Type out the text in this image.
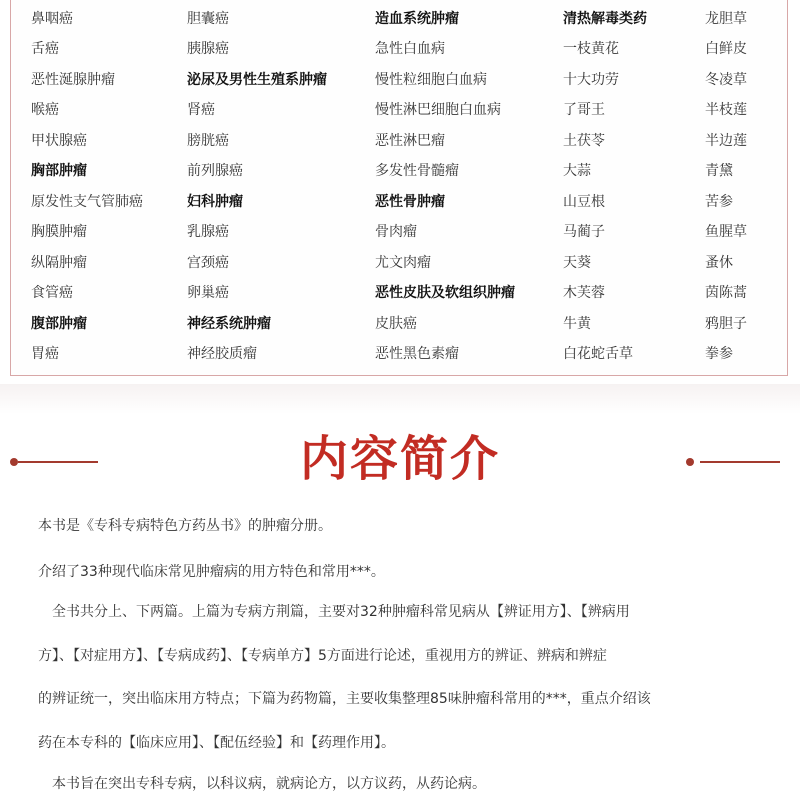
鼻咽癌
舌癌
恶性涎腺肿瘤
喉癌
甲状腺癌
胸部肿瘤
原发性支气管肺癌
胸膜肿瘤
纵隔肿瘤
食管癌
腹部肿瘤
胃癌
胆囊癌
胰腺癌
泌尿及男性生殖系肿瘤
肾癌
膀胱癌
前列腺癌
妇科肿瘤
乳腺癌
宫颈癌
卵巢癌
神经系统肿瘤
神经胶质瘤
造血系统肿瘤
急性白血病
慢性粒细胞白血病
慢性淋巴细胞白血病
恶性淋巴瘤
多发性骨髓瘤
恶性骨肿瘤
骨肉瘤
尤文肉瘤
恶性皮肤及软组织肿瘤
皮肤癌
恶性黑色素瘤
清热解毒类药
一枝黄花
十大功劳
了哥王
土茯苓
大蒜
山豆根
马蔺子
天葵
木芙蓉
牛黄
白花蛇舌草
龙胆草
白鲜皮
冬凌草
半枝莲
半边莲
青黛
苦参
鱼腥草
蚤休
茵陈蒿
鸦胆子
拳参
内容简介
本书是《专科专病特色方药丛书》的肿瘤分册。
介绍了33种现代临床常见肿瘤病的用方特色和常用***。
　全书共分上、下两篇。上篇为专病方荆篇，主要对32种肿瘤科常见病从【辨证用方】、【辨病用
方】、【对症用方】、【专病成药】、【专病单方】5方面进行论述，重视用方的辨证、辨病和辨症
的辨证统一，突出临床用方特点；下篇为药物篇，主要收集整理85味肿瘤科常用的***，重点介绍该
药在本专科的【临床应用】、【配伍经验】和【药理作用】。
　本书旨在突出专科专病，以科议病，就病论方，以方议药，从药论病。
